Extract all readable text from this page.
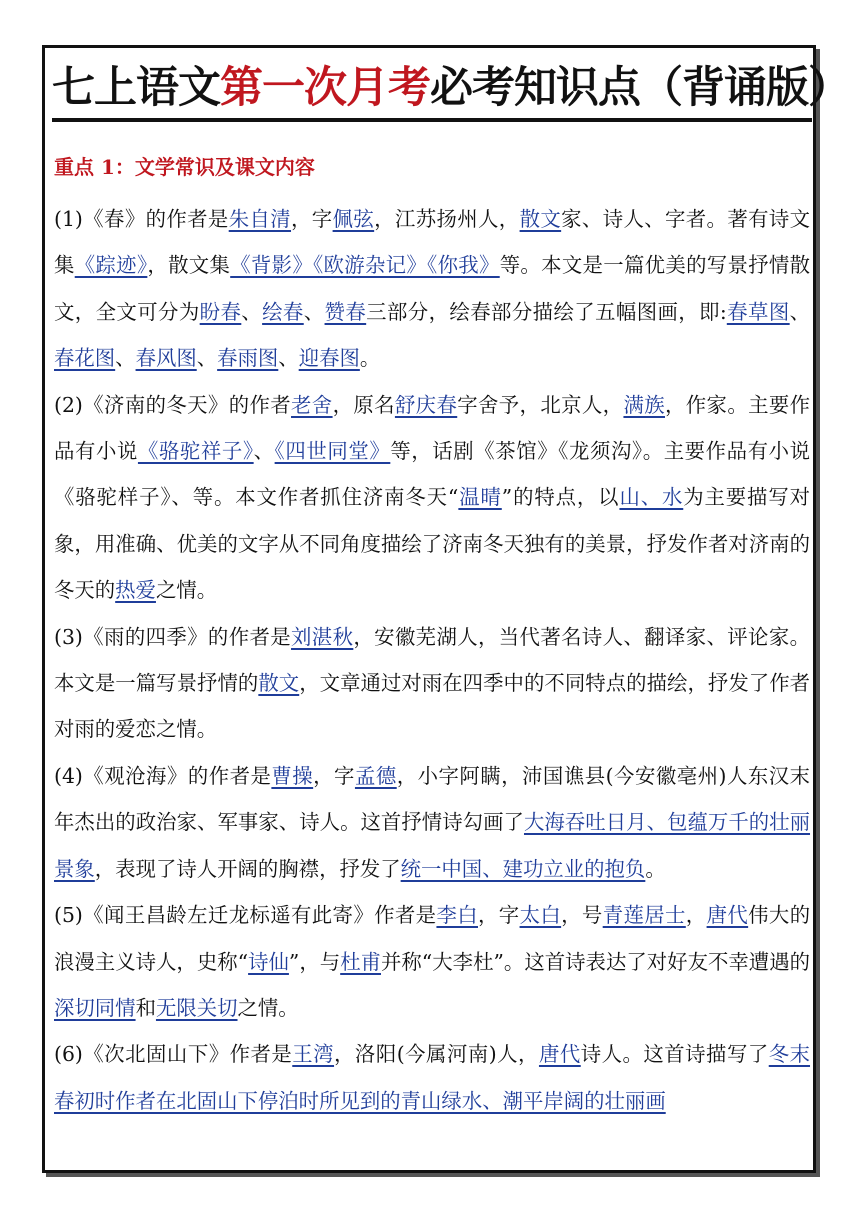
七上语文第一次月考必考知识点（背诵版）
重点 1：文学常识及课文内容

(1)《春》的作者是朱自清，字佩弦，江苏扬州人，散文家、诗人、字者。著有诗文集《踪迹》，散文集《背影》《欧游杂记》《你我》等。本文是一篇优美的写景抒情散文，全文可分为盼春、绘春、赞春三部分，绘春部分描绘了五幅图画，即:春草图、春花图、春风图、春雨图、迎春图。

(2)《济南的冬天》的作者老舍，原名舒庆春字舍予，北京人，满族，作家。主要作品有小说《骆驼祥子》、《四世同堂》等，话剧《茶馆》《龙须沟》。主要作品有小说《骆驼样子》、等。本文作者抓住济南冬天“温晴”的特点，以山、水为主要描写对象，用准确、优美的文字从不同角度描绘了济南冬天独有的美景，抒发作者对济南的冬天的热爱之情。

(3)《雨的四季》的作者是刘湛秋，安徽芜湖人，当代著名诗人、翻译家、评论家。本文是一篇写景抒情的散文，文章通过对雨在四季中的不同特点的描绘，抒发了作者对雨的爱恋之情。

(4)《观沧海》的作者是曹操，字孟德，小字阿瞒，沛国谯县(今安徽亳州)人东汉末年杰出的政治家、军事家、诗人。这首抒情诗勾画了大海吞吐日月、包蕴万千的壮丽景象，表现了诗人开阔的胸襟，抒发了统一中国、建功立业的抱负。

(5)《闻王昌龄左迁龙标遥有此寄》作者是李白，字太白，号青莲居士，唐代伟大的浪漫主义诗人，史称“诗仙”，与杜甫并称“大李杜”。这首诗表达了对好友不幸遭遇的深切同情和无限关切之情。

(6)《次北固山下》作者是王湾，洛阳(今属河南)人，唐代诗人。这首诗描写了冬末春初时作者在北固山下停泊时所见到的青山绿水、潮平岸阔的壮丽画
